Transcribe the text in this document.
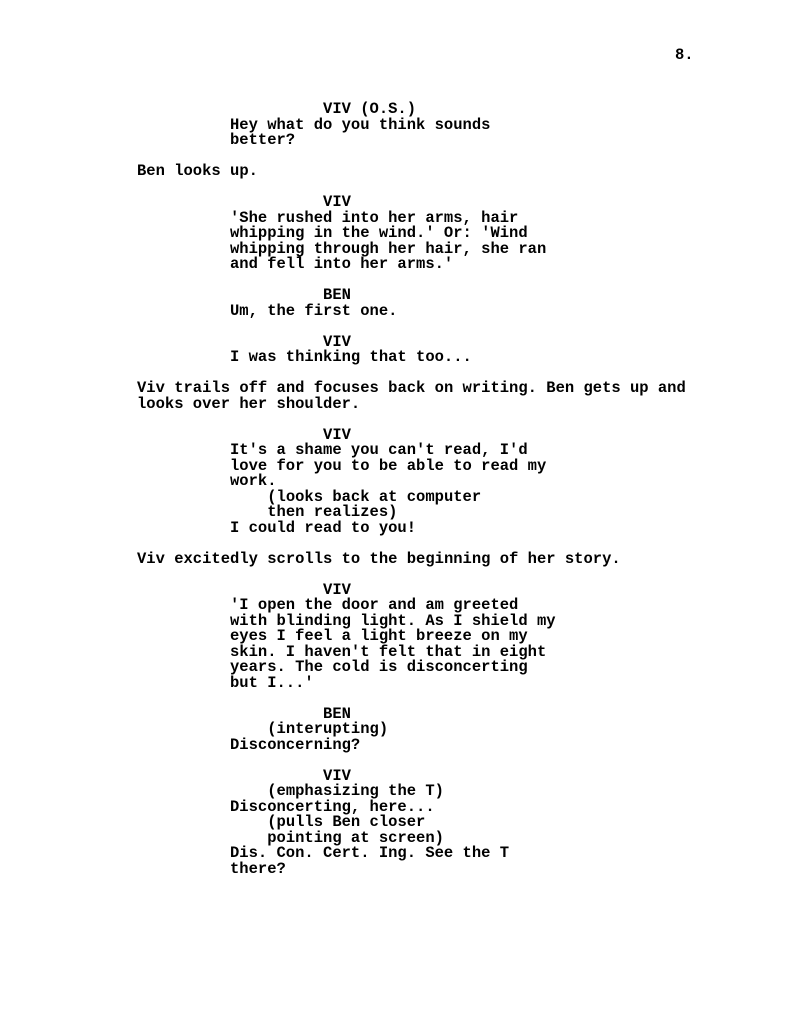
8.
VIV (O.S.)
Hey what do you think sounds
better?
Ben looks up.
VIV
'She rushed into her arms, hair
whipping in the wind.' Or: 'Wind
whipping through her hair, she ran
and fell into her arms.'
BEN
Um, the first one.
VIV
I was thinking that too...
Viv trails off and focuses back on writing. Ben gets up and
looks over her shoulder.
VIV
It's a shame you can't read, I'd
love for you to be able to read my
work.
(looks back at computer
then realizes)
I could read to you!
Viv excitedly scrolls to the beginning of her story.
VIV
'I open the door and am greeted
with blinding light. As I shield my
eyes I feel a light breeze on my
skin. I haven't felt that in eight
years. The cold is disconcerting
but I...'
BEN
(interupting)
Disconcerning?
VIV
(emphasizing the T)
Disconcerting, here...
(pulls Ben closer
pointing at screen)
Dis. Con. Cert. Ing. See the T
there?
